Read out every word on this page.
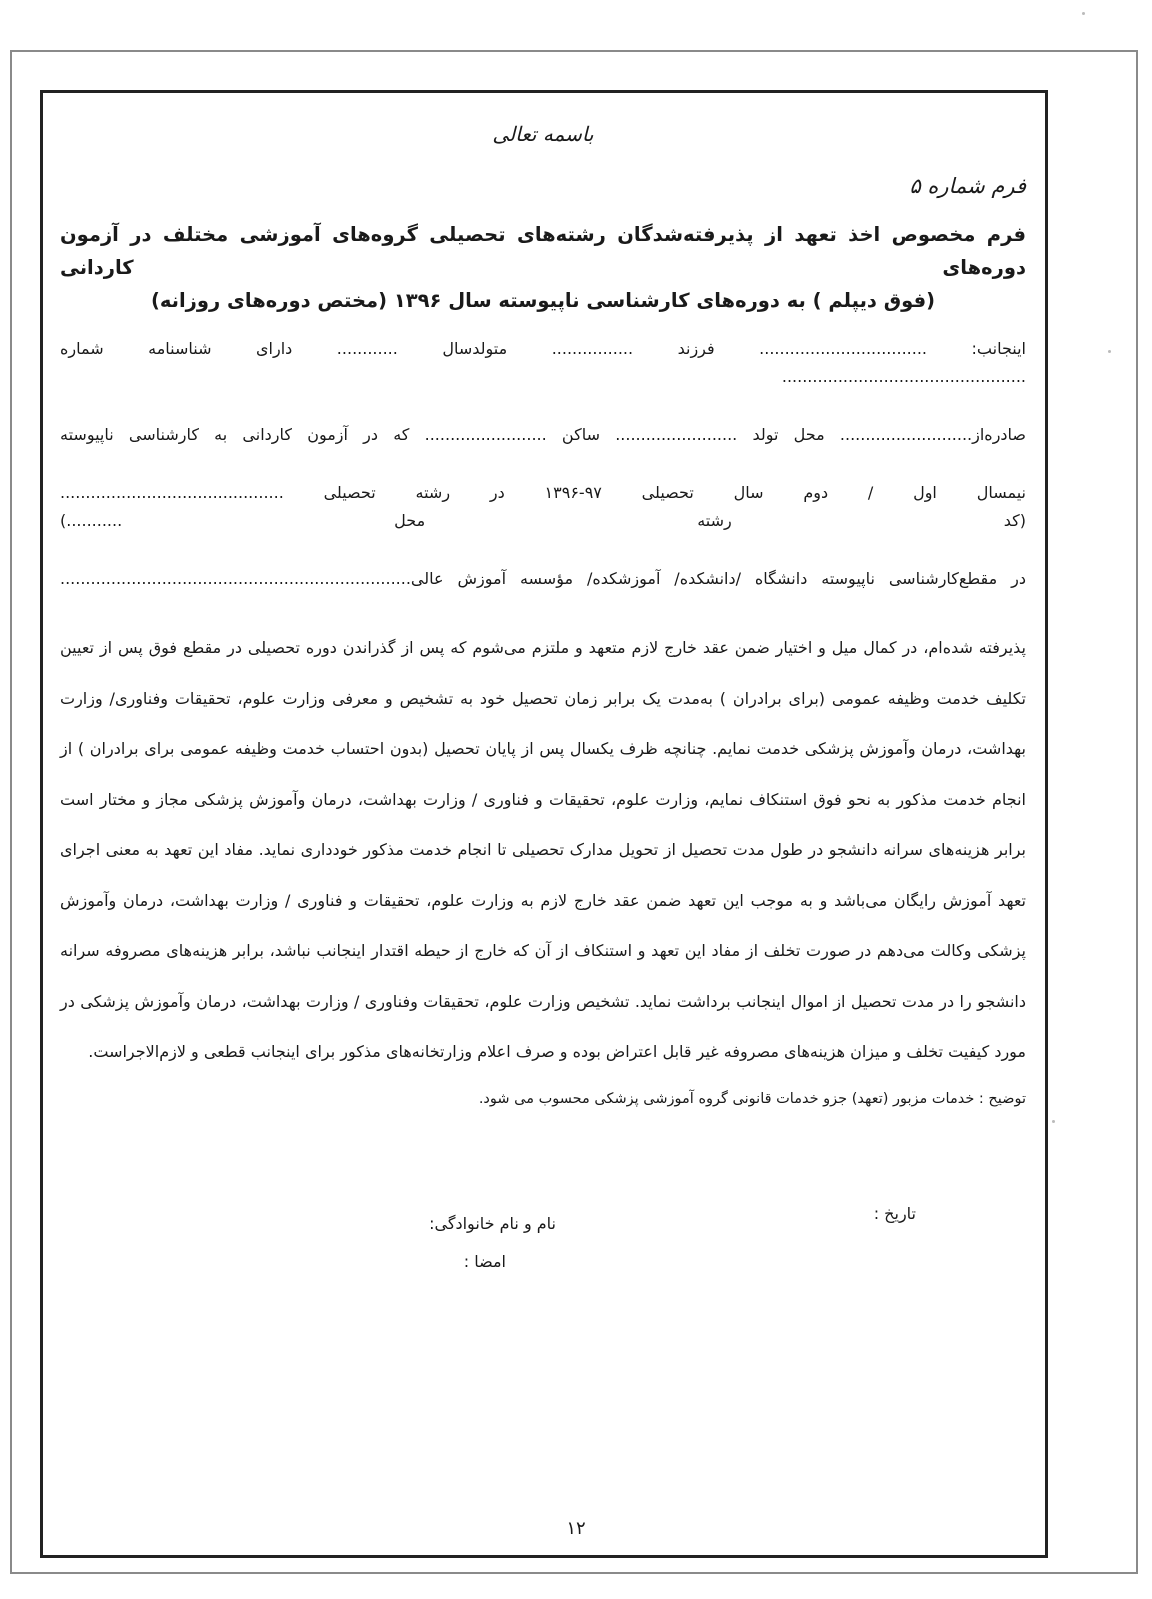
باسمه تعالی
فرم شماره ۵
فرم مخصوص اخذ تعهد از پذیرفته‌شدگان رشته‌های تحصیلی گروه‌های آموزشی مختلف در آزمون دوره‌های کاردانی
(فوق دیپلم ) به دوره‌های کارشناسی ناپیوسته سال ۱۳۹۶ (مختص دوره‌های روزانه)
اینجانب: ................................. فرزند ................ متولدسال ............ دارای شناسنامه شماره
................................................
صادره‌از.......................... محل تولد ........................ ساکن ........................ که در آزمون کاردانی به کارشناسی ناپیوسته
نیمسال اول / دوم سال تحصیلی ۹۷-۱۳۹۶ در رشته تحصیلی ............................................
(کد رشته محل ...........)
در مقطع‌کارشناسی ناپیوسته دانشگاه /دانشکده/ آموزشکده/ مؤسسه آموزش عالی.....................................................................
پذیرفته شده‌ام، در کمال میل و اختیار ضمن عقد خارج لازم متعهد و ملتزم می‌شوم که پس از گذراندن دوره تحصیلی در مقطع فوق پس از تعیین تکلیف خدمت وظیفه عمومی (برای برادران ) به‌مدت یک برابر زمان تحصیل خود به تشخیص و معرفی وزارت علوم، تحقیقات وفناوری/ وزارت بهداشت، درمان وآموزش پزشکی خدمت نمایم. چنانچه ظرف یکسال پس از پایان تحصیل (بدون احتساب خدمت وظیفه عمومی برای برادران ) از انجام خدمت مذکور به نحو فوق استنکاف نمایم، وزارت علوم، تحقیقات و فناوری / وزارت بهداشت، درمان وآموزش پزشکی مجاز و مختار است برابر هزینه‌های سرانه دانشجو در طول مدت تحصیل از تحویل مدارک تحصیلی تا انجام خدمت مذکور خودداری نماید. مفاد این تعهد به معنی اجرای تعهد آموزش رایگان می‌باشد و به موجب این تعهد ضمن عقد خارج لازم به وزارت علوم، تحقیقات و فناوری / وزارت بهداشت، درمان وآموزش پزشکی وکالت می‌دهم در صورت تخلف از مفاد این تعهد و استنکاف از آن که خارج از حیطه اقتدار اینجانب نباشد، برابر هزینه‌های مصروفه سرانه دانشجو را در مدت تحصیل از اموال اینجانب برداشت نماید. تشخیص وزارت علوم، تحقیقات وفناوری / وزارت بهداشت، درمان وآموزش پزشکی در مورد کیفیت تخلف و میزان هزینه‌های مصروفه غیر قابل اعتراض بوده و صرف اعلام وزارتخانه‌های مذکور برای اینجانب قطعی و لازم‌الاجراست.
توضیح : خدمات مزبور (تعهد) جزو خدمات قانونی گروه آموزشی پزشکی محسوب می شود.
تاریخ :
نام و نام خانوادگی:
امضا :
۱۲
